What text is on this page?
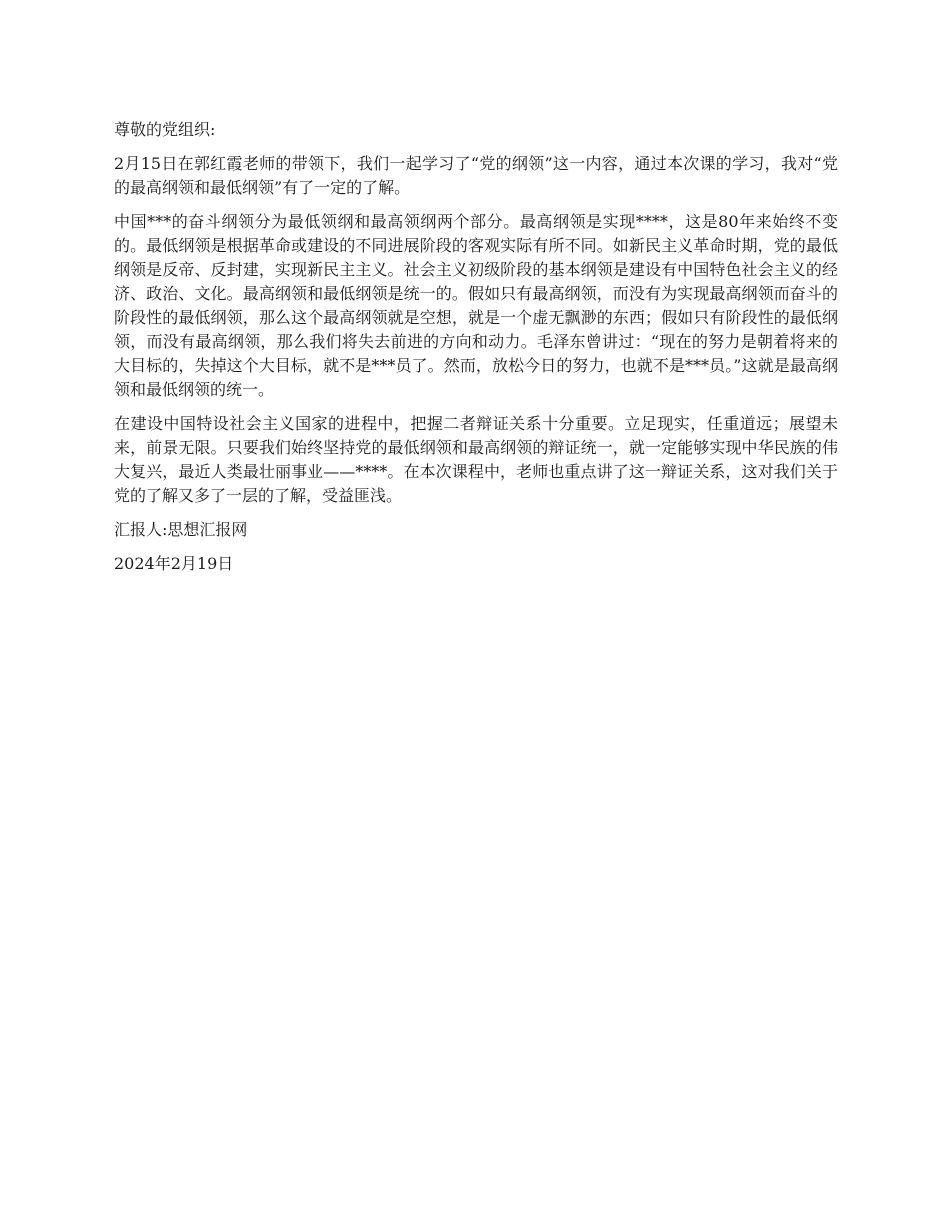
尊敬的党组织:

2月15日在郭红霞老师的带领下，我们一起学习了“党的纲领”这一内容，通过本次课的学习，我对“党的最高纲领和最低纲领”有了一定的了解。

中国***的奋斗纲领分为最低领纲和最高领纲两个部分。最高纲领是实现****，这是80年来始终不变的。最低纲领是根据革命或建设的不同进展阶段的客观实际有所不同。如新民主义革命时期，党的最低纲领是反帝、反封建，实现新民主主义。社会主义初级阶段的基本纲领是建设有中国特色社会主义的经济、政治、文化。最高纲领和最低纲领是统一的。假如只有最高纲领，而没有为实现最高纲领而奋斗的阶段性的最低纲领，那么这个最高纲领就是空想，就是一个虚无飘渺的东西；假如只有阶段性的最低纲领，而没有最高纲领，那么我们将失去前进的方向和动力。毛泽东曾讲过：“现在的努力是朝着将来的大目标的，失掉这个大目标，就不是***员了。然而，放松今日的努力，也就不是***员。”这就是最高纲领和最低纲领的统一。

在建设中国特设社会主义国家的进程中，把握二者辩证关系十分重要。立足现实，任重道远；展望未来，前景无限。只要我们始终坚持党的最低纲领和最高纲领的辩证统一，就一定能够实现中华民族的伟大复兴，最近人类最壮丽事业——****。在本次课程中，老师也重点讲了这一辩证关系，这对我们关于党的了解又多了一层的了解，受益匪浅。

汇报人:思想汇报网

2024年2月19日
